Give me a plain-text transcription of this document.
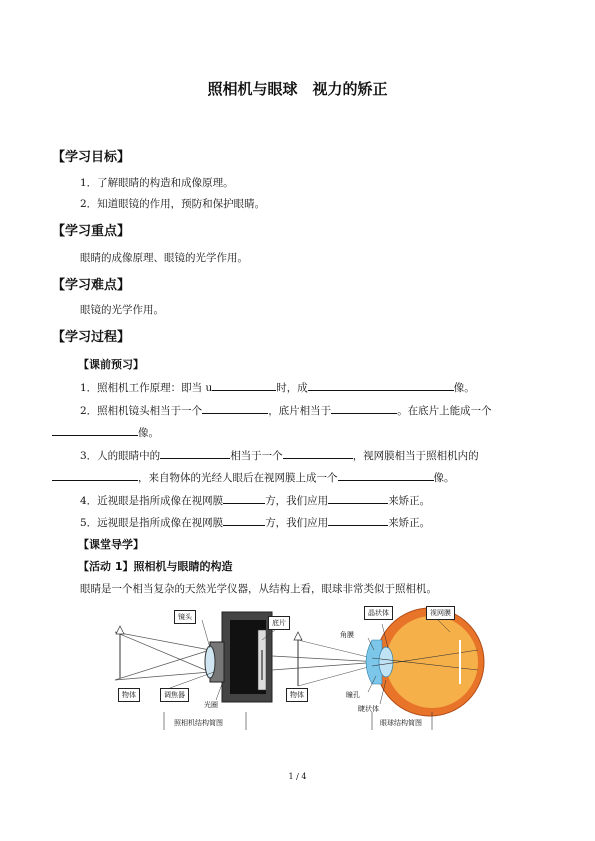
照相机与眼球　视力的矫正
【学习目标】
1．了解眼睛的构造和成像原理。
2．知道眼镜的作用，预防和保护眼睛。
【学习重点】
眼睛的成像原理、眼镜的光学作用。
【学习难点】
眼镜的光学作用。
【学习过程】
【课前预习】
1．照相机工作原理：即当 u	时，成	像。
2．照相机镜头相当于一个	，底片相当于	。在底片上能成一个
像。
3．人的眼睛中的	相当于一个	，视网膜相当于照相机内的
，来自物体的光经人眼后在视网膜上成一个	像。
4．近视眼是指所成像在视网膜	方，我们应用	来矫正。
5．远视眼是指所成像在视网膜	方，我们应用	来矫正。
【课堂导学】
【活动 1】照相机与眼睛的构造
眼睛是一个相当复杂的天然光学仪器，从结构上看，眼球非常类似于照相机。
镜头
底片
物体	调焦器
光圈
晶状体	视网膜
角膜
物体	瞳孔
睫状体
照相机结构简图	眼球结构简图
1 / 4
